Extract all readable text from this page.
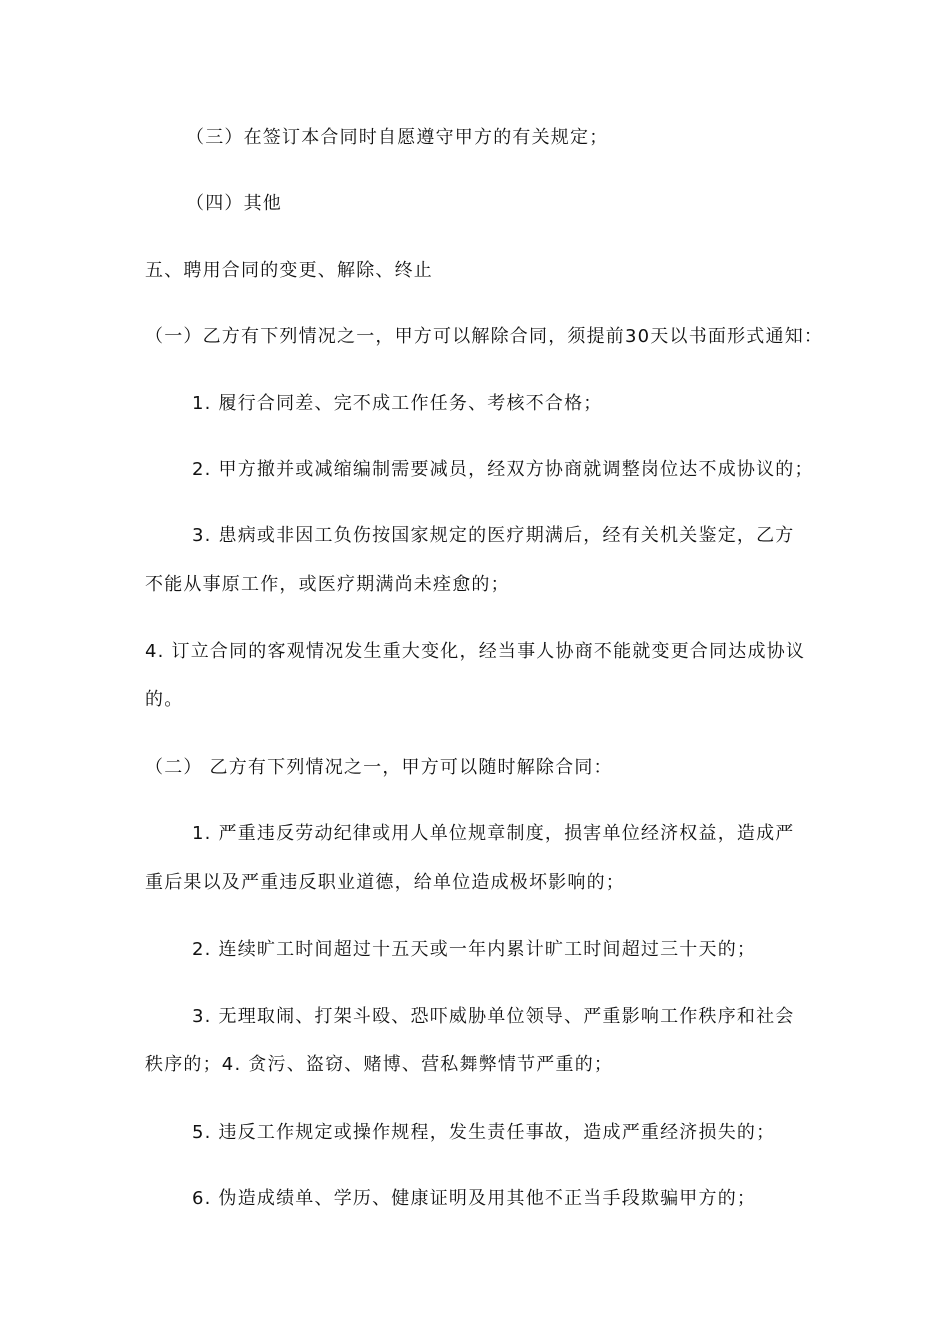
（三）在签订本合同时自愿遵守甲方的有关规定；
（四）其他
五、聘用合同的变更、解除、终止
（一）乙方有下列情况之一，甲方可以解除合同，须提前30天以书面形式通知：
1. 履行合同差、完不成工作任务、考核不合格；
2. 甲方撤并或减缩编制需要减员，经双方协商就调整岗位达不成协议的；
3. 患病或非因工负伤按国家规定的医疗期满后，经有关机关鉴定，乙方
不能从事原工作，或医疗期满尚未痊愈的；
4. 订立合同的客观情况发生重大变化，经当事人协商不能就变更合同达成协议
的。
（二） 乙方有下列情况之一，甲方可以随时解除合同：
1. 严重违反劳动纪律或用人单位规章制度，损害单位经济权益，造成严
重后果以及严重违反职业道德，给单位造成极坏影响的；
2. 连续旷工时间超过十五天或一年内累计旷工时间超过三十天的；
3. 无理取闹、打架斗殴、恐吓威胁单位领导、严重影响工作秩序和社会
秩序的；4. 贪污、盗窃、赌博、营私舞弊情节严重的；
5. 违反工作规定或操作规程，发生责任事故，造成严重经济损失的；
6. 伪造成绩单、学历、健康证明及用其他不正当手段欺骗甲方的；
